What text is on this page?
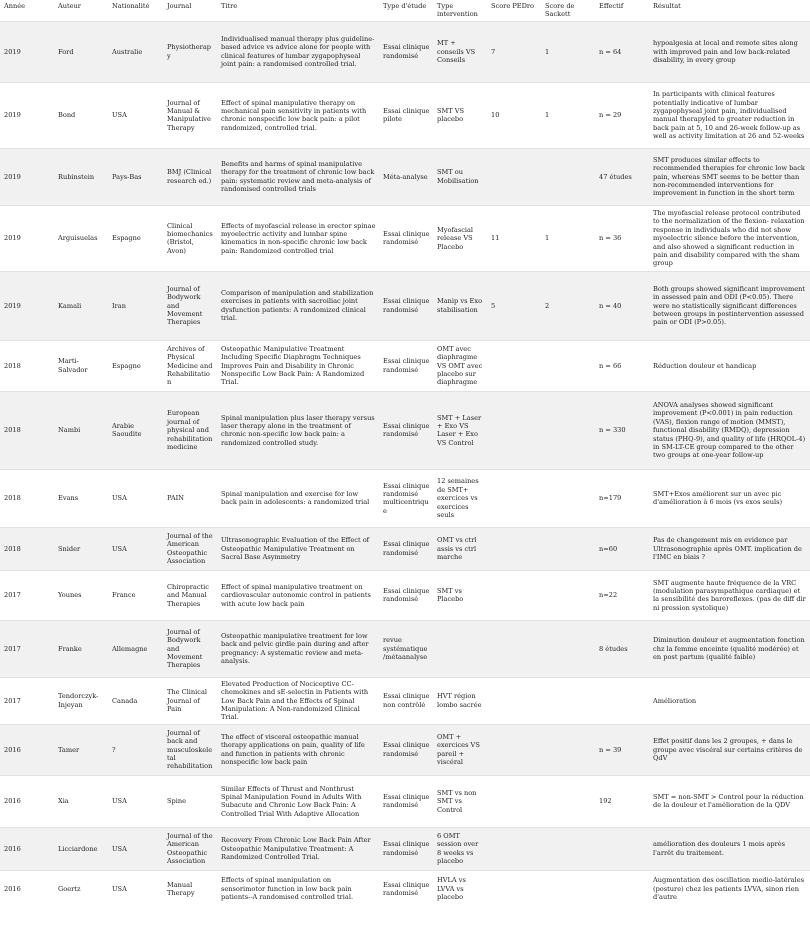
Année	Auteur	Nationalité	Journal	Titre	Type d'étude	Type intervention	Score PEDro	Score de Sackett	Effectif	Résultat
2019	Ford	Australie	Physiotherapy	Individualised manual therapy plus guideline-based advice vs advice alone for people with clinical features of lumbar zygapophyseal joint pain: a randomised controlled trial.	Essai clinique randomisé	MT + conseils VS Conseils	7	1	n = 64	hypoalgesia at local and remote sites along with improved pain and low back-related disability, in every group
2019	Bond	USA	Journal of Manual & Manipulative Therapy	Effect of spinal manipulative therapy on mechanical pain sensitivity in patients with chronic nonspecific low back pain: a pilot randomized, controlled trial.	Essai clinique pilote	SMT VS placebo	10	1	n = 29	In participants with clinical features potentially indicative of lumbar zygapophyseal joint pain, individualised manual therapyled to greater reduction in back pain at 5, 10 and 26-week follow-up as well as activity limitation at 26 and 52-weeks
2019	Rubinstein	Pays-Bas	BMJ (Clinical research ed.)	Benefits and harms of spinal manipulative therapy for the treatment of chronic low back pain: systematic review and meta-analysis of randomised controlled trials	Méta-analyse	SMT ou Mobilisation			47 études	SMT produces similar effects to recommended therapies for chronic low back pain, whereas SMT seems to be better than non-recommended interventions for improvement in function in the short term
2019	Arguisuelas	Espagne	Clinical biomechanics (Bristol, Avon)	Effects of myofascial release in erector spinae myoelectric activity and lumbar spine kinematics in non-specific chronic low back pain: Randomized controlled trial	Essai clinique randomisé	Myofascial release VS Placebo	11	1	n = 36	The myofascial release protocol contributed to the normalization of the flexion- relaxation response in individuals who did not show myoelectric silence before the intervention, and also showed a significant reduction in pain and disability compared with the sham group
2019	Kamali	Iran	Journal of Bodywork and Movement Therapies	Comparison of manipulation and stabilization exercises in patients with sacroiliac joint dysfunction patients: A randomized clinical trial.	Essai clinique randomisé	Manip vs Exo stabilisation	5	2	n = 40	Both groups showed significant improvement in assessed pain and ODI (P<0.05). There were no statistically significant differences between groups in postintervention assessed pain or ODI (P>0.05).
2018	Marti-Salvador	Espagne	Archives of Physical Medicine and Rehabilitation	Osteopathic Manipulative Treatment Including Specific Diaphragm Techniques Improves Pain and Disability in Chronic Nonspecific Low Back Pain: A Randomized Trial.	Essai clinique randomisé	OMT avec diaphragme VS OMT avec placebo sur diaphragme			n = 66	Réduction douleur et handicap
2018	Nambi	Arabie Saoudite	European journal of physical and rehabilitation medicine	Spinal manipulation plus laser therapy versus laser therapy alone in the treatment of chronic non-specific low back pain: a randomized controlled study.	Essai clinique randomisé	SMT + Laser + Exo VS Laser + Exo VS Control			n = 330	ANOVA analyses showed significant improvement (P<0.001) in pain reduction (VAS), flexion range of motion (MMST), functional disability (RMDQ), depression status (PHQ-9), and quality of life (HRQOL-4) in SM-LT-CE group compared to the other two groups at one-year follow-up
2018	Evans	USA	PAIN	Spinal manipulation and exercise for low back pain in adolescents: a randomized trial	Essai clinique randomisé multicentrique	12 semaines de SMT+ exercices vs exercices seuls			n=179	SMT+Exos améliorent sur un avec pic d'amélioration à 6 mois (vs exos seuls)
2018	Snider	USA	Journal of the American Osteopathic Association	Ultrasonographic Evaluation of the Effect of Osteopathic Manipulative Treatment on Sacral Base Asymmetry	Essai clinique randomisé	OMT vs ctrl assis vs ctrl marche			n=60	Pas de changement mis en evidence par Ultrasonographie après OMT. implication de l'IMC en biais ?
2017	Younes	France	Chiropractic and Manual Therapies	Effect of spinal manipulative treatment on cardiovascular autonomic control in patients with acute low back pain	Essai clinique randomisé	SMT vs Placebo			n=22	SMT augmente haute fréquence de la VRC (modulation parasympathique cardiaque) et la sensibilité des baroreflexes. (pas de diff dir ni pression systolique)
2017	Franke	Allemagne	Journal of Bodywork and Movement Therapies	Osteopathic manipulative treatment for low back and pelvic girdle pain during and after pregnancy: A systematic review and meta-analysis.	revue systématique /métaanalyse				8 études	Diminution douleur et augmentation fonction chz la femme enceinte (qualité modérée) et en post partum (qualité faible)
2017	Tendorczyk-Injeyan	Canada	The Clinical Journal of Pain	Elevated Production of Nociceptive CC-chemokines and sE-selectin in Patients with Low Back Pain and the Effects of Spinal Manipulation: A Non-randomized Clinical Trial.	Essai clinique non contrôlé	HVT région lombo sacrée				Amélioration
2016	Tamer	?	Journal of back and musculoskeletal rehabilitation	The effect of visceral osteopathic manual therapy applications on pain, quality of life and function in patients with chronic nonspecific low back pain	Essai clinique randomisé	OMT + exercices VS pareil + viscéral			n = 39	Effet positif dans les 2 groupes, + dans le groupe avec viscéral sur certains critères de QdV
2016	Xia	USA	Spine	Similar Effects of Thrust and Nonthrust Spinal Manipulation Found in Adults With Subacute and Chronic Low Back Pain: A Controlled Trial With Adaptive Allocation	Essai clinique randomisé	SMT vs non SMT vs Control			192	SMT = non-SMT > Control pour la réduction de la douleur et l'amélioration de la QDV
2016	Licciardone	USA	Journal of the American Osteopathic Association	Recovery From Chronic Low Back Pain After Osteopathic Manipulative Treatment: A Randomized Controlled Trial.	Essai clinique randomisé	6 OMT session over 8 weeks vs placebo				amélioration des douleurs 1 mois après l'arrêt du traitement.
2016	Goertz	USA	Manual Therapy	Effects of spinal manipulation on sensorimotor function in low back pain patients--A randomised controlled trial.	Essai clinique randomisé	HVLA vs LVVA vs placebo				Augmentation des oscillation medio-latérales (posture) chez les patients LVVA, sinon rien d'autre
